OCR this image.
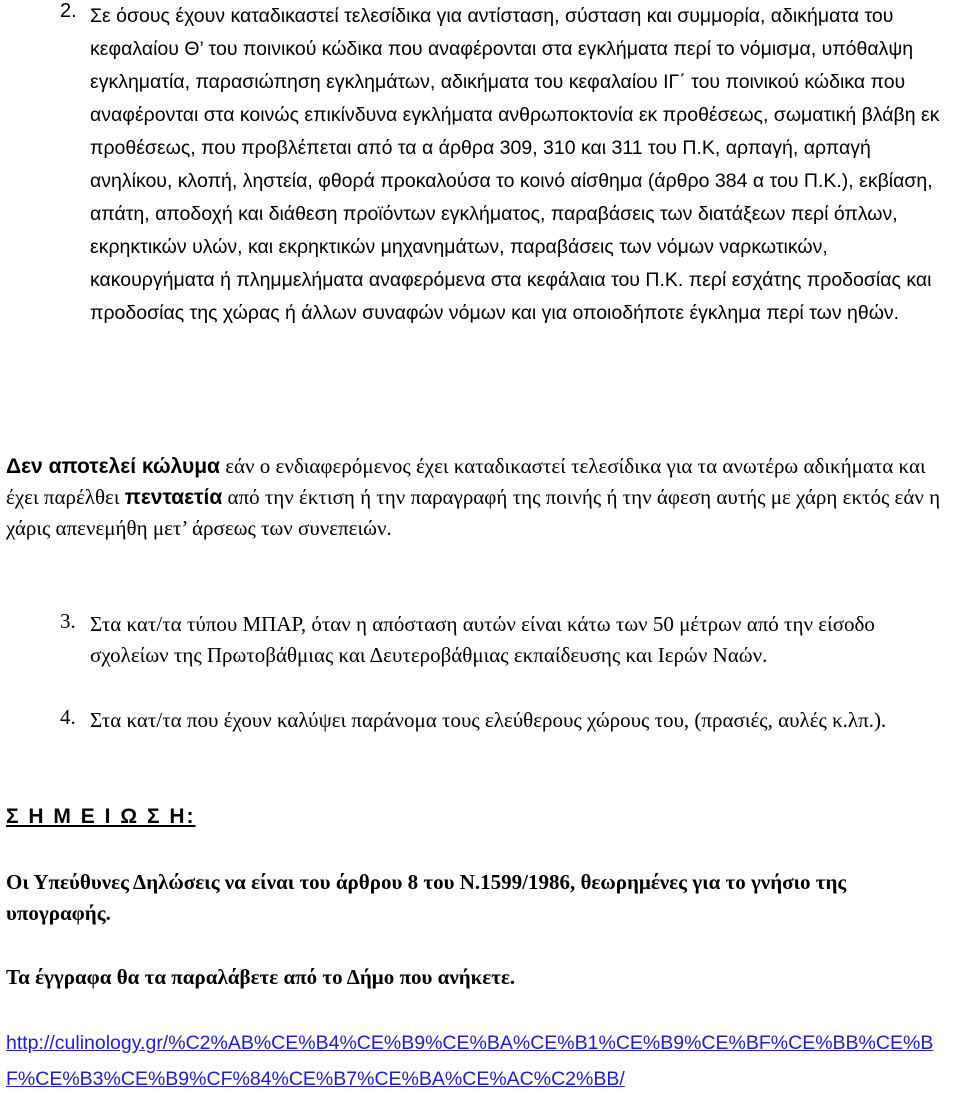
2. Σε όσους έχουν καταδικαστεί τελεσίδικα για αντίσταση, σύσταση και συμμορία, αδικήματα του κεφαλαίου Θ’ του ποινικού κώδικα που αναφέρονται στα εγκλήματα περί το νόμισμα, υπόθαλψη εγκληματία, παρασιώπηση εγκλημάτων, αδικήματα του κεφαλαίου ΙΓ΄ του ποινικού κώδικα που αναφέρονται στα κοινώς επικίνδυνα εγκλήματα ανθρωποκτονία εκ προθέσεως, σωματική βλάβη εκ προθέσεως, που προβλέπεται από τα α άρθρα 309, 310 και 311 του Π.Κ, αρπαγή, αρπαγή ανηλίκου, κλοπή, ληστεία, φθορά προκαλούσα το κοινό αίσθημα (άρθρο 384 α του Π.Κ.), εκβίαση, απάτη, αποδοχή και διάθεση προϊόντων εγκλήματος, παραβάσεις των διατάξεων περί όπλων, εκρηκτικών υλών, και εκρηκτικών μηχανημάτων, παραβάσεις των νόμων ναρκωτικών, κακουργήματα ή πλημμελήματα αναφερόμενα στα κεφάλαια του Π.Κ. περί εσχάτης προδοσίας και προδοσίας της χώρας ή άλλων συναφών νόμων και για οποιοδήποτε έγκλημα περί των ηθών.
Δεν αποτελεί κώλυμα εάν ο ενδιαφερόμενος έχει καταδικαστεί τελεσίδικα για τα ανωτέρω αδικήματα και έχει παρέλθει πενταετία από την έκτιση ή την παραγραφή της ποινής ή την άφεση αυτής με χάρη εκτός εάν η χάρις απενεμήθη μετ’ άρσεως των συνεπειών.
3. Στα κατ/τα τύπου ΜΠΑΡ, όταν η απόσταση αυτών είναι κάτω των 50 μέτρων από την είσοδο σχολείων της Πρωτοβάθμιας και Δευτεροβάθμιας εκπαίδευσης και Ιερών Ναών.
4. Στα κατ/τα που έχουν καλύψει παράνομα τους ελεύθερους χώρους του, (πρασιές, αυλές κ.λπ.).
Σ Η Μ Ε Ι Ω Σ Η:
Οι Υπεύθυνες Δηλώσεις να είναι του άρθρου 8 του Ν.1599/1986, θεωρημένες για το γνήσιο της υπογραφής.
Τα έγγραφα θα τα παραλάβετε από το Δήμο που ανήκετε.
http://culinology.gr/%C2%AB%CE%B4%CE%B9%CE%BA%CE%B1%CE%B9%CE%BF%CE%BB%CE%BF%CE%B3%CE%B9%CF%84%CE%B7%CE%BA%CE%AC%C2%BB/
